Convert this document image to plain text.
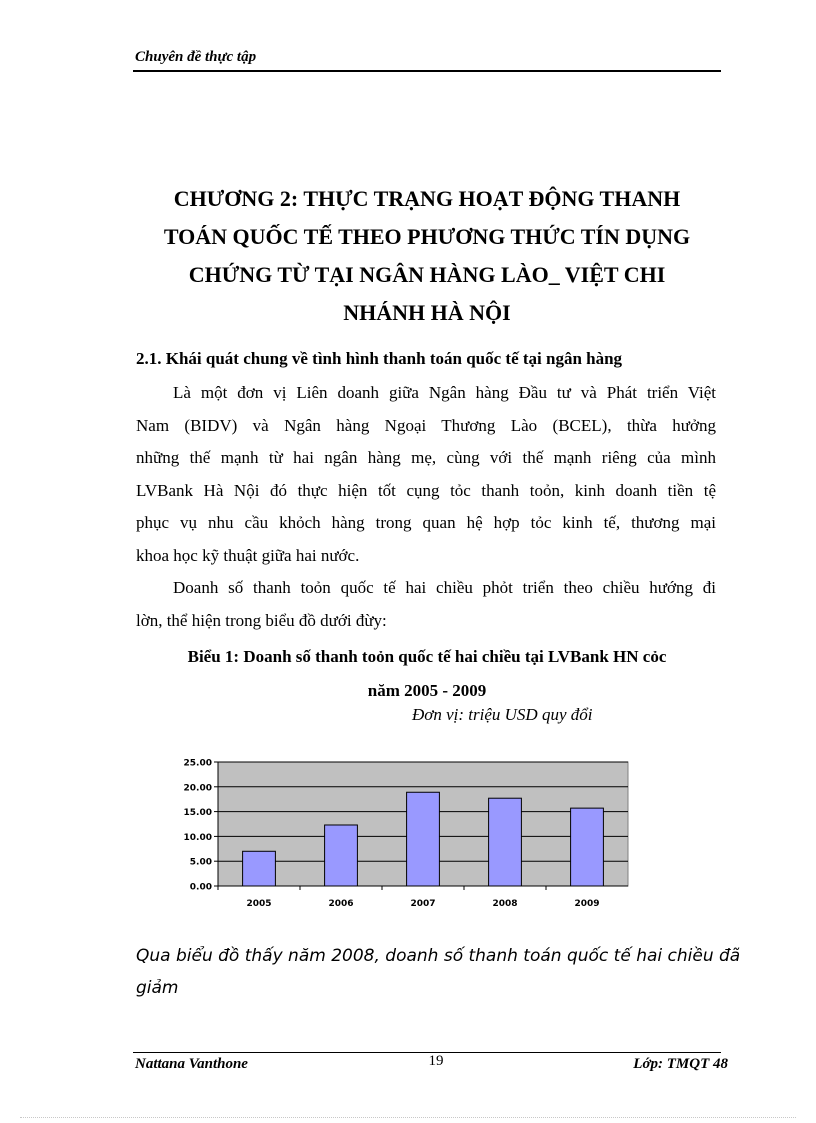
Chuyên đề thực tập
CHƯƠNG 2: THỰC TRẠNG HOẠT ĐỘNG THANH
TOÁN QUỐC TẾ THEO PHƯƠNG THỨC TÍN DỤNG
CHỨNG TỪ TẠI NGÂN HÀNG LÀO_ VIỆT CHI
NHÁNH HÀ NỘI
2.1. Khái quát chung về tình hình thanh toán quốc tế tại ngân hàng
Là một đơn vị Liên doanh giữa Ngân hàng Đầu tư và Phát triển Việt
Nam (BIDV) và Ngân hàng Ngoại Thương Lào (BCEL), thừa hưởng
những thế mạnh từ hai ngân hàng mẹ, cùng với thế mạnh riêng của mình
LVBank Hà Nội đó thực hiện tốt cụng tỏc thanh toỏn, kinh doanh tiền tệ
phục vụ nhu cầu khỏch hàng trong quan hệ hợp tỏc kinh tế, thương mại
khoa học kỹ thuật giữa hai nước.
Doanh số thanh toỏn quốc tế hai chiều phỏt triển theo chiều hướng đi
lờn, thể hiện trong biểu đồ dưới đừy:
Biểu 1: Doanh số thanh toỏn quốc tế hai chiều tại LVBank HN cỏc
năm 2005 - 2009
Đơn vị: triệu USD quy đổi
0.00
5.00
10.00
15.00
20.00
25.00
2005	2006	2007	2008	2009
Qua biểu đồ thấy năm 2008, doanh số thanh toán quốc tế hai chiều đã
giảm
Nattana Vanthone	19	Lớp: TMQT 48
